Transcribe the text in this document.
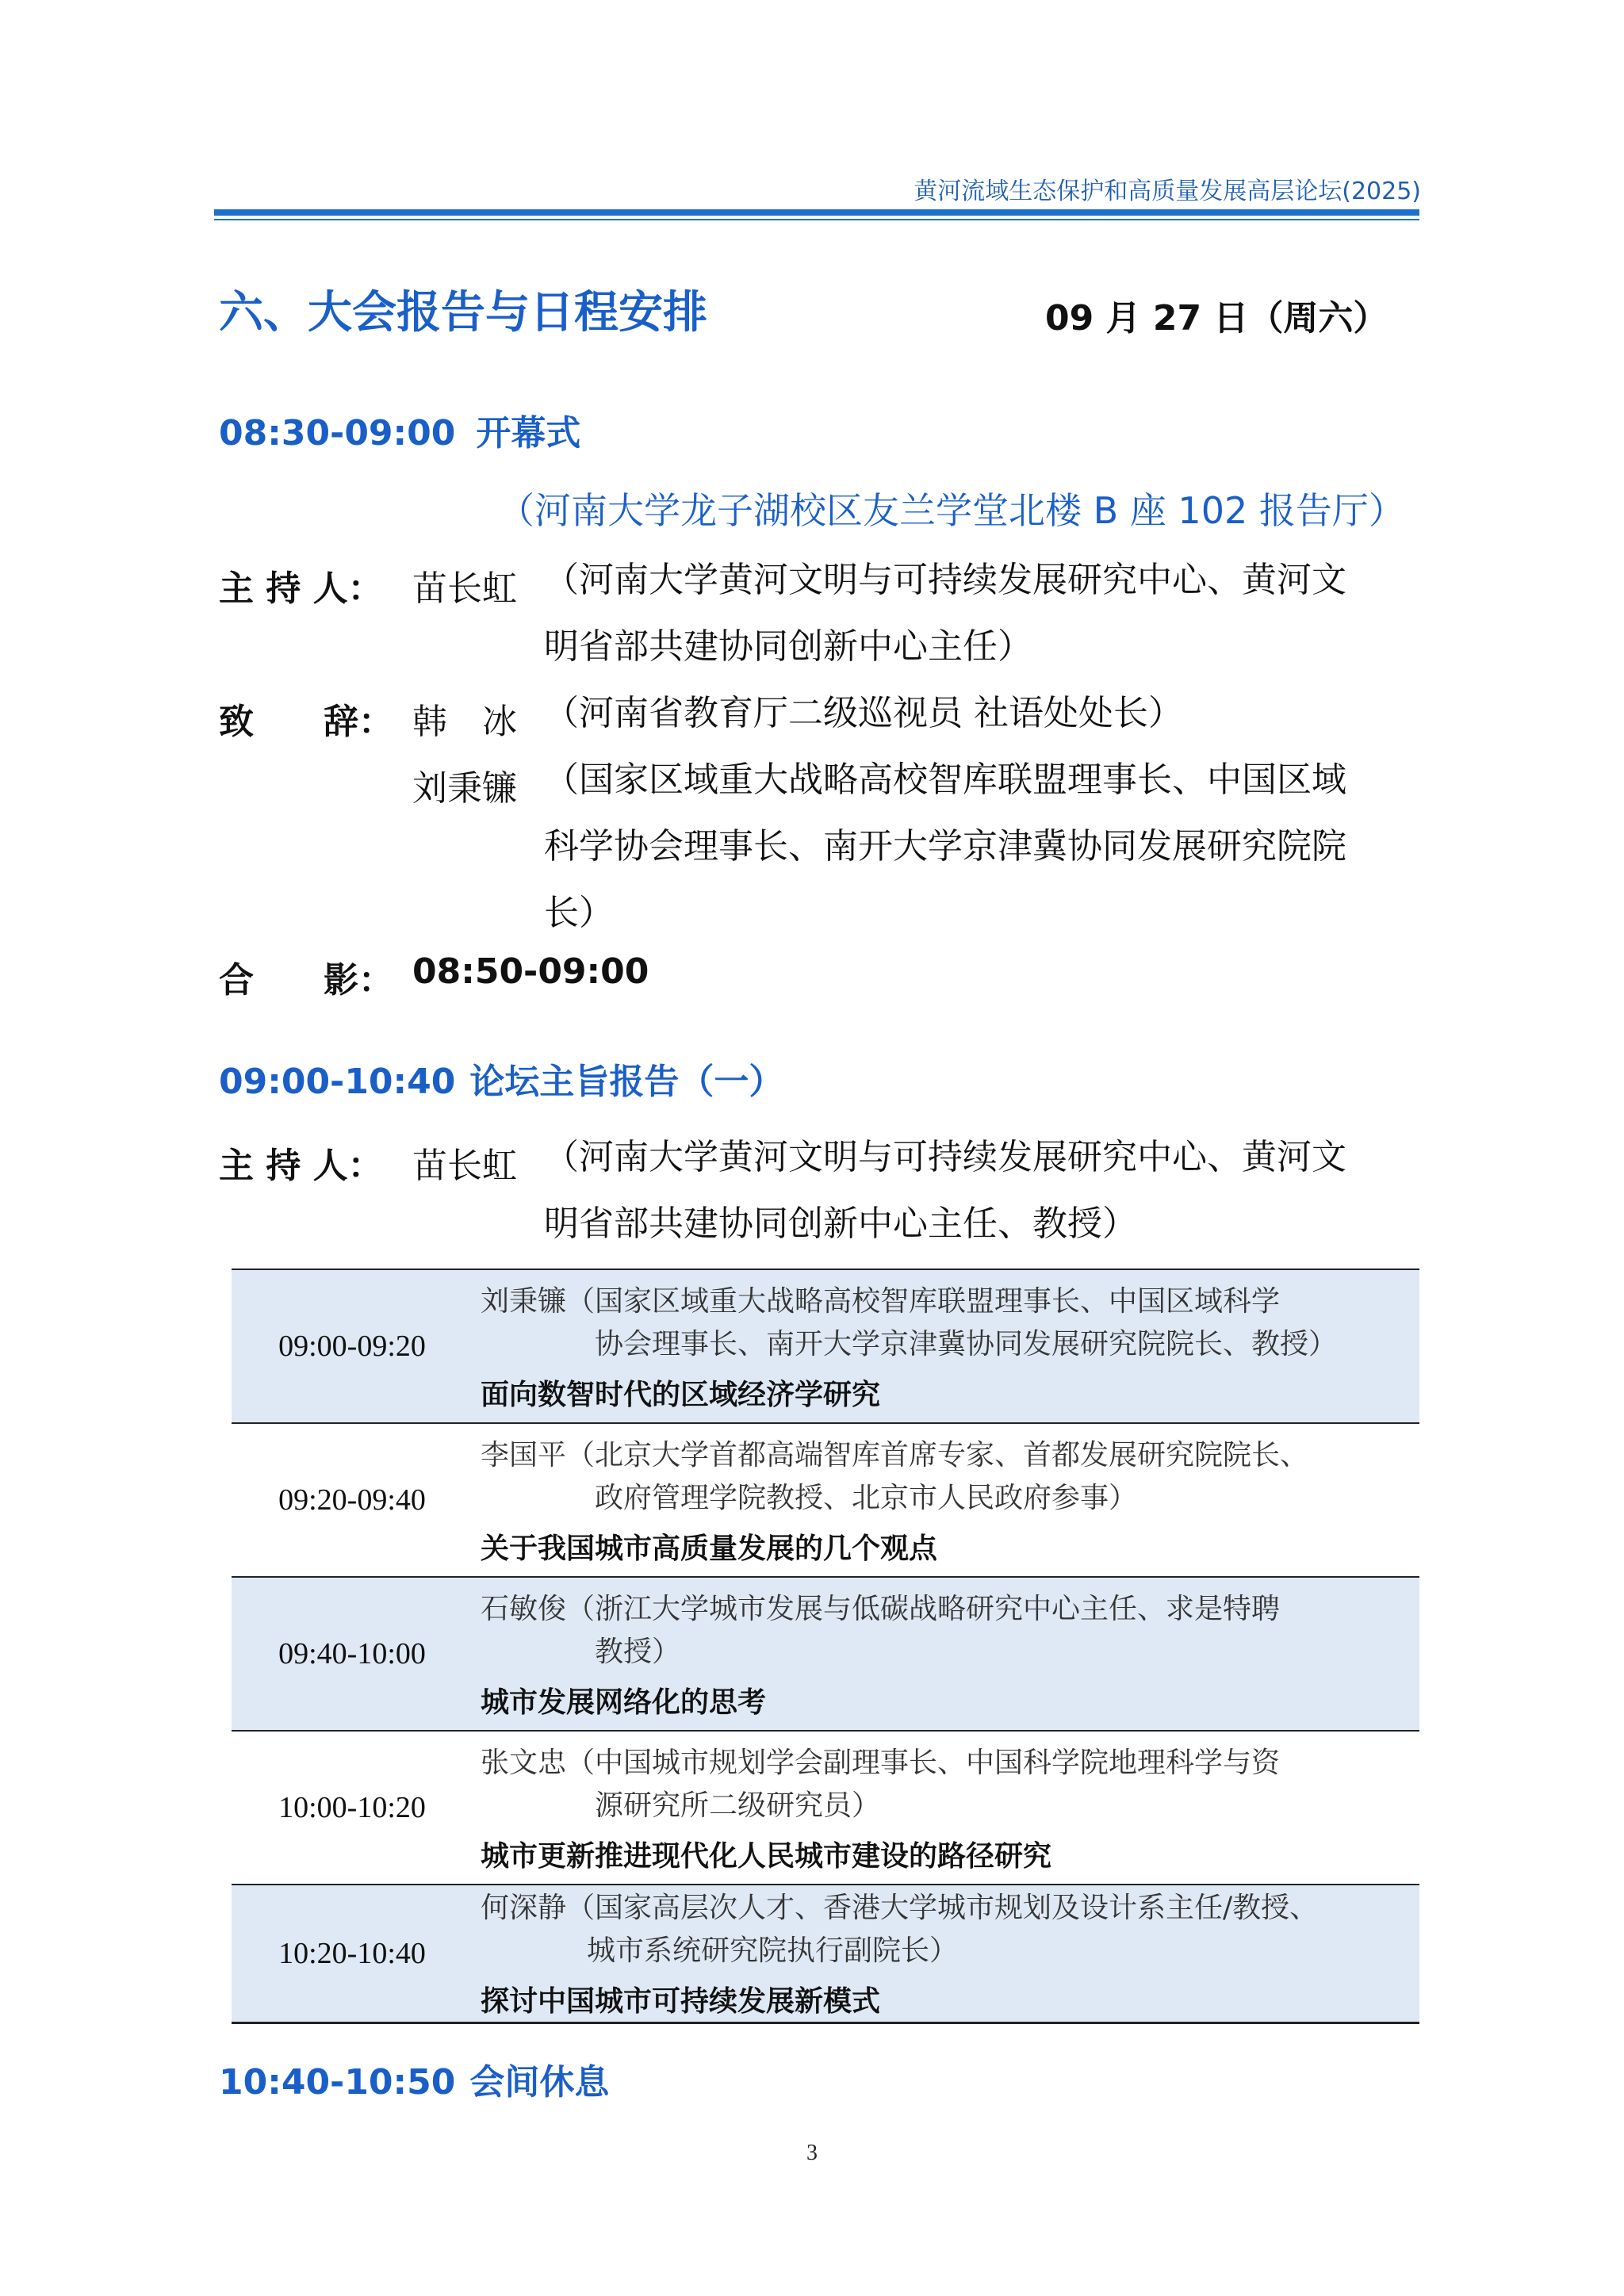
黄河流域生态保护和高质量发展高层论坛(2025)
六、大会报告与日程安排	09 月 27 日（周六）
08:30-09:00 开幕式
（河南大学龙子湖校区友兰学堂北楼 B 座 102 报告厅）
主 持 人： 苗长虹 （河南大学黄河文明与可持续发展研究中心、黄河文
明省部共建协同创新中心主任）
致　　辞： 韩　冰 （河南省教育厅二级巡视员 社语处处长）
刘秉镰 （国家区域重大战略高校智库联盟理事长、中国区域
科学协会理事长、南开大学京津冀协同发展研究院院
长）
合　　影： 08:50-09:00
09:00-10:40 论坛主旨报告（一）
主 持 人： 苗长虹 （河南大学黄河文明与可持续发展研究中心、黄河文
明省部共建协同创新中心主任、教授）
09:00-09:20	刘秉镰（国家区域重大战略高校智库联盟理事长、中国区域科学
协会理事长、南开大学京津冀协同发展研究院院长、教授）
面向数智时代的区域经济学研究

09:20-09:40	李国平（北京大学首都高端智库首席专家、首都发展研究院院长、
政府管理学院教授、北京市人民政府参事）
关于我国城市高质量发展的几个观点

09:40-10:00	石敏俊（浙江大学城市发展与低碳战略研究中心主任、求是特聘
教授）
城市发展网络化的思考

10:00-10:20	张文忠（中国城市规划学会副理事长、中国科学院地理科学与资
源研究所二级研究员）
城市更新推进现代化人民城市建设的路径研究

10:20-10:40	何深静（国家高层次人才、香港大学城市规划及设计系主任/教授、
城市系统研究院执行副院长）
探讨中国城市可持续发展新模式
10:40-10:50 会间休息
3
